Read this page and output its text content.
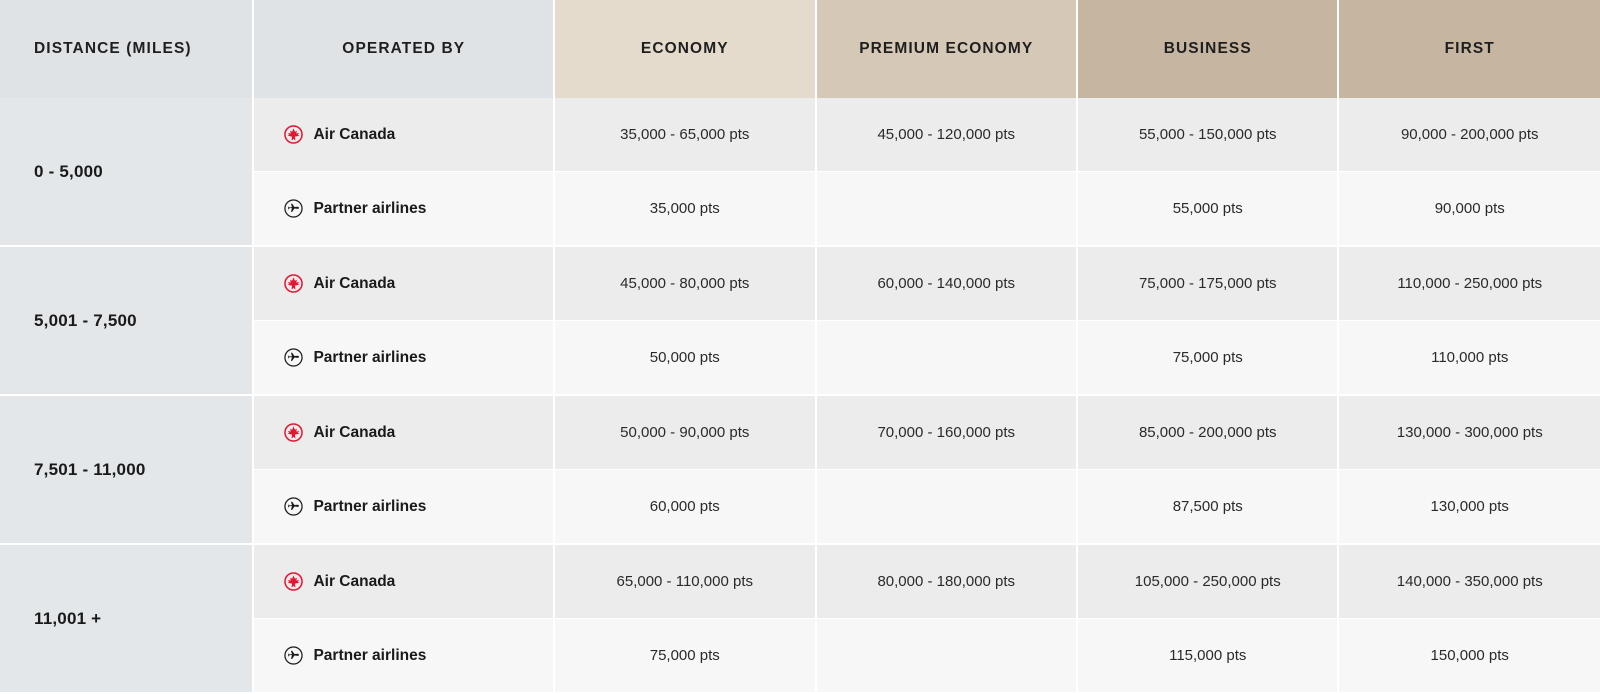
DISTANCE (MILES)	OPERATED BY	ECONOMY	PREMIUM ECONOMY	BUSINESS	FIRST
0 - 5,000	Air Canada	35,000 - 65,000 pts	45,000 - 120,000 pts	55,000 - 150,000 pts	90,000 - 200,000 pts

	Partner airlines	35,000 pts		55,000 pts	90,000 pts
5,001 - 7,500	Air Canada	45,000 - 80,000 pts	60,000 - 140,000 pts	75,000 - 175,000 pts	110,000 - 250,000 pts

	Partner airlines	50,000 pts		75,000 pts	110,000 pts
7,501 - 11,000	Air Canada	50,000 - 90,000 pts	70,000 - 160,000 pts	85,000 - 200,000 pts	130,000 - 300,000 pts

	Partner airlines	60,000 pts		87,500 pts	130,000 pts
11,001 +	Air Canada	65,000 - 110,000 pts	80,000 - 180,000 pts	105,000 - 250,000 pts	140,000 - 350,000 pts

	Partner airlines	75,000 pts		115,000 pts	150,000 pts
